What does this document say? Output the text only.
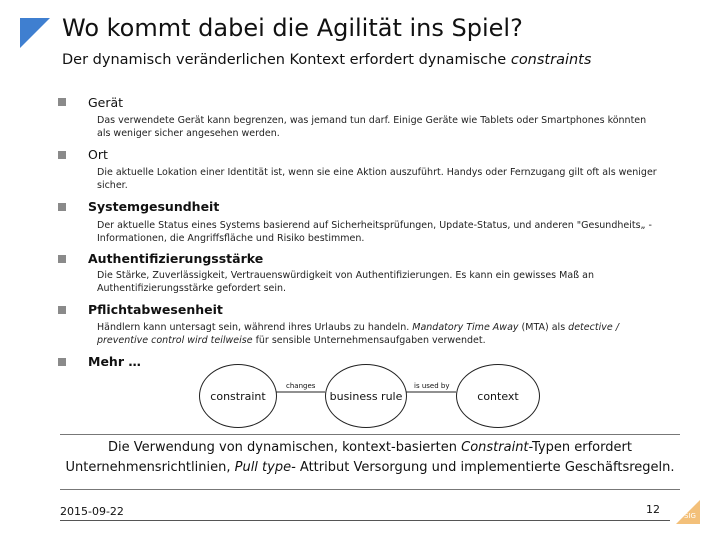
Wo kommt dabei die Agilität ins Spiel?
Der dynamisch veränderlichen Kontext erfordert dynamische constraints
Gerät
Das verwendete Gerät kann begrenzen, was jemand tun darf. Einige Geräte wie Tablets oder Smartphones könnten als weniger sicher angesehen werden.
Ort
Die aktuelle Lokation einer Identität ist, wenn sie eine Aktion auszuführt. Handys oder Fernzugang gilt oft als weniger sicher.
Systemgesundheit
Der aktuelle Status eines Systems basierend auf Sicherheitsprüfungen, Update-Status, und anderen "Gesundheits„ -Informationen, die Angriffsfläche und Risiko bestimmen.
Authentifizierungsstärke
Die Stärke, Zuverlässigkeit, Vertrauenswürdigkeit von Authentifizierungen. Es kann ein gewisses Maß an Authentifizierungsstärke gefordert sein.
Pflichtabwesenheit
Händlern kann untersagt sein, während ihres Urlaubs zu handeln. Mandatory Time Away (MTA) als detective / preventive control wird teilweise für sensible Unternehmensaufgaben verwendet.
Mehr …
constraint	business rule	context
changes	is used by
Die Verwendung von dynamischen, kontext-basierten Constraint-Typen erfordert Unternehmensrichtlinien, Pull type- Attribut Versorgung und implementierte Geschäftsregeln.
2015-09-22	12	SIG
